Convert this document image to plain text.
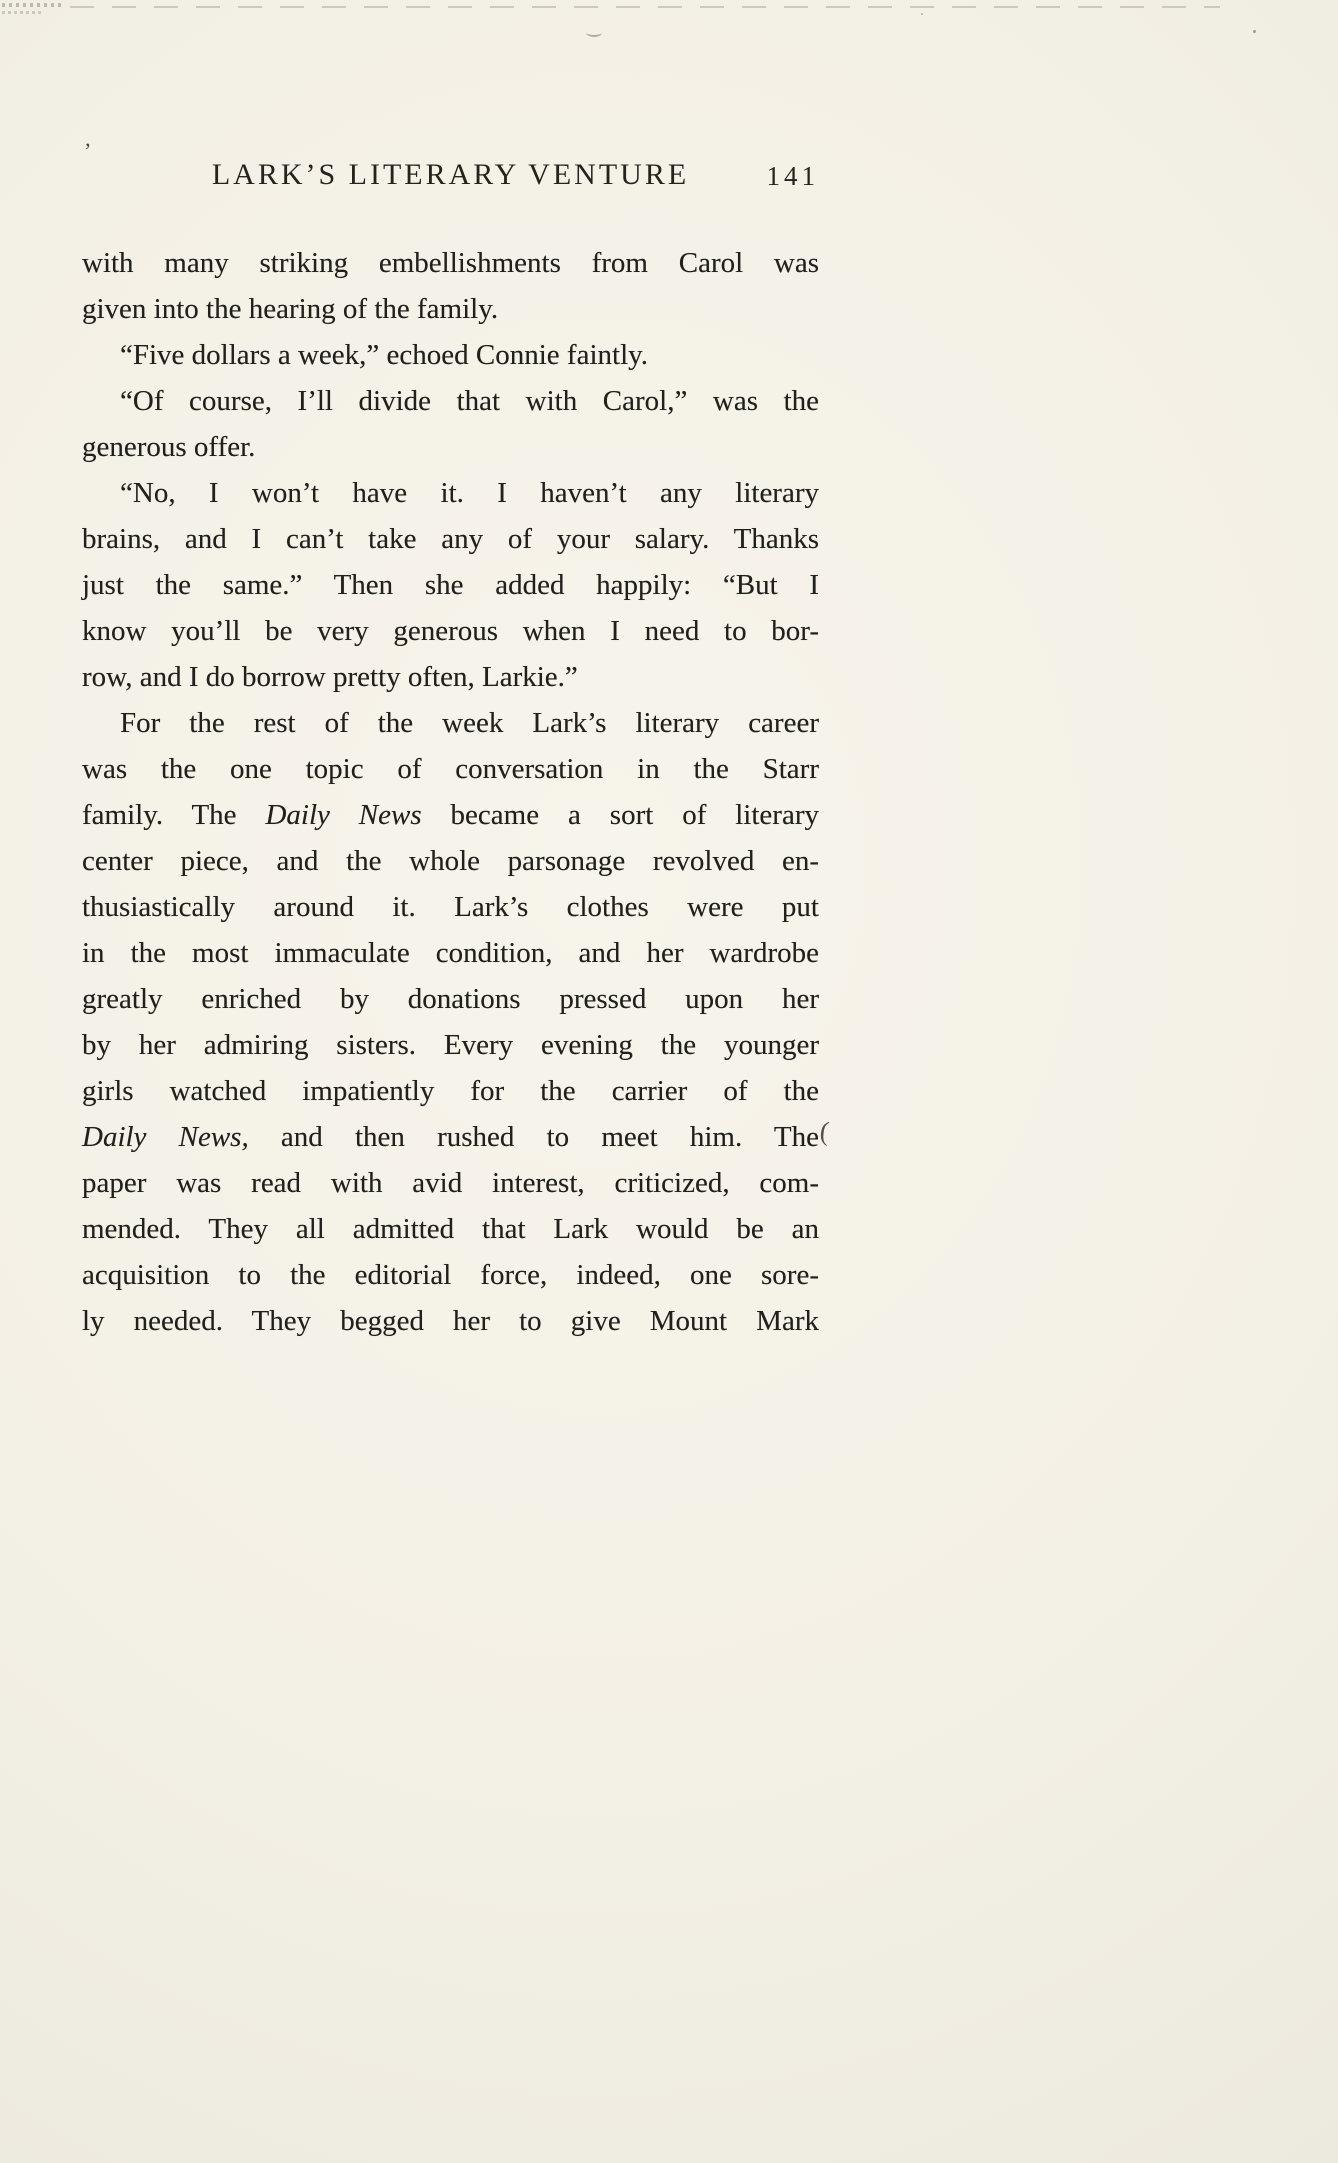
’
(
LARK’S LITERARY VENTURE	141
with many striking embellishments from Carol was
given into the hearing of the family.
“Five dollars a week,” echoed Connie faintly.
“Of course, I’ll divide that with Carol,” was the
generous offer.
“No, I won’t have it. I haven’t any literary
brains, and I can’t take any of your salary. Thanks
just the same.” Then she added happily: “But I
know you’ll be very generous when I need to bor-
row, and I do borrow pretty often, Larkie.”
For the rest of the week Lark’s literary career
was the one topic of conversation in the Starr
family. The Daily News became a sort of literary
center piece, and the whole parsonage revolved en-
thusiastically around it. Lark’s clothes were put
in the most immaculate condition, and her wardrobe
greatly enriched by donations pressed upon her
by her admiring sisters. Every evening the younger
girls watched impatiently for the carrier of the
Daily News, and then rushed to meet him. The
paper was read with avid interest, criticized, com-
mended. They all admitted that Lark would be an
acquisition to the editorial force, indeed, one sore-
ly needed. They begged her to give Mount Mark
